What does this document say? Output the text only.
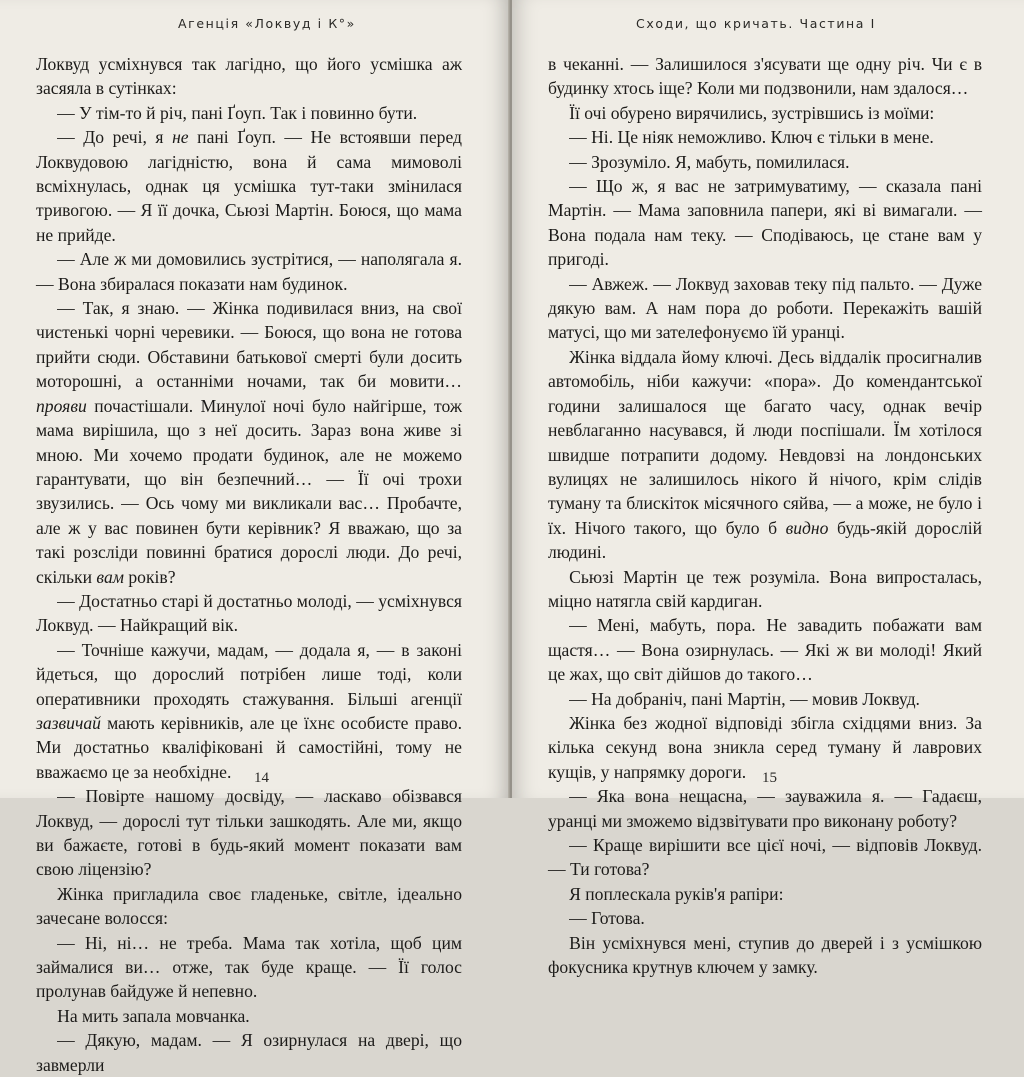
Агенція «Локвуд і К°»

Локвуд усміхнувся так лагідно, що його усмішка аж засяяла в сутінках:

— У тім-то й річ, пані Ґоуп. Так і повинно бути.

— До речі, я не пані Ґоуп. — Не встоявши перед Локвудовою лагідністю, вона й сама мимоволі всміхнулась, однак ця усмішка тут-таки змінилася тривогою. — Я її дочка, Сьюзі Мартін. Боюся, що мама не прийде.

— Але ж ми домовились зустрітися, — наполягала я. — Вона збиралася показати нам будинок.

— Так, я знаю. — Жінка подивилася вниз, на свої чистенькі чорні черевики. — Боюся, що вона не готова прийти сюди. Обставини батькової смерті були досить моторошні, а останніми ночами, так би мовити… прояви почастішали. Минулої ночі було найгірше, тож мама вирішила, що з неї досить. Зараз вона живе зі мною. Ми хочемо продати будинок, але не можемо гарантувати, що він безпечний… — Її очі трохи звузились. — Ось чому ми викликали вас… Пробачте, але ж у вас повинен бути керівник? Я вважаю, що за такі розсліди повинні братися дорослі люди. До речі, скільки вам років?

— Достатньо старі й достатньо молоді, — усміхнувся Локвуд. — Найкращий вік.

— Точніше кажучи, мадам, — додала я, — в законі йдеться, що дорослий потрібен лише тоді, коли оперативники проходять стажування. Більші агенції зазвичай мають керівників, але це їхнє особисте право. Ми достатньо кваліфіковані й самостійні, тому не вважаємо це за необхідне.

— Повірте нашому досвіду, — ласкаво обізвався Локвуд, — дорослі тут тільки зашкодять. Але ми, якщо ви бажаєте, готові в будь-який момент показати вам свою ліцензію?

Жінка пригладила своє гладеньке, світле, ідеально зачесане волосся:

— Ні, ні… не треба. Мама так хотіла, щоб цим займалися ви… отже, так буде краще. — Її голос пролунав байдуже й непевно.

На мить запала мовчанка.

— Дякую, мадам. — Я озирнулася на двері, що завмерли

14
Сходи, що кричать. Частина I

в чеканні. — Залишилося з'ясувати ще одну річ. Чи є в будинку хтось іще? Коли ми подзвонили, нам здалося…

Її очі обурено вирячились, зустрівшись із моїми:

— Ні. Це ніяк неможливо. Ключ є тільки в мене.

— Зрозуміло. Я, мабуть, помилилася.

— Що ж, я вас не затримуватиму, — сказала пані Мартін. — Мама заповнила папери, які ві вимагали. — Вона подала нам теку. — Сподіваюсь, це стане вам у пригоді.

— Авжеж. — Локвуд заховав теку під пальто. — Дуже дякую вам. А нам пора до роботи. Перекажіть вашій матусі, що ми зателефонуємо їй уранці.

Жінка віддала йому ключі. Десь віддалік просигналив автомобіль, ніби кажучи: «пора». До комендантської години залишалося ще багато часу, однак вечір невблаганно насувався, й люди поспішали. Їм хотілося швидше потрапити додому. Невдовзі на лондонських вулицях не залишилось нікого й нічого, крім слідів туману та блискіток місячного сяйва, — а може, не було і їх. Нічого такого, що було б видно будь-якій дорослій людині.

Сьюзі Мартін це теж розуміла. Вона випросталась, міцно натягла свій кардиган.

— Мені, мабуть, пора. Не завадить побажати вам щастя… — Вона озирнулась. — Які ж ви молоді! Який це жах, що світ дійшов до такого…

— На добраніч, пані Мартін, — мовив Локвуд.

Жінка без жодної відповіді збігла східцями вниз. За кілька секунд вона зникла серед туману й лаврових кущів, у напрямку дороги.

— Яка вона нещасна, — зауважила я. — Гадаєш, уранці ми зможемо відзвітувати про виконану роботу?

— Краще вирішити все цієї ночі, — відповів Локвуд. — Ти готова?

Я поплескала руків'я рапіри:

— Готова.

Він усміхнувся мені, ступив до дверей і з усмішкою фокусника крутнув ключем у замку.

15
